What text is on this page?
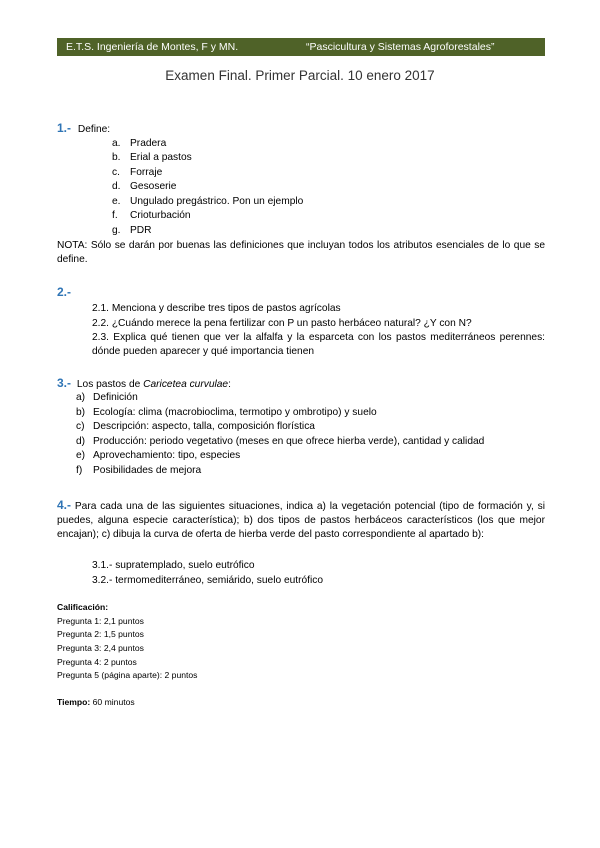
E.T.S. Ingeniería de Montes, F y MN.	“Pascicultura y Sistemas Agroforestales”
Examen Final. Primer Parcial. 10 enero 2017
1.- Define:
a. Pradera
b. Erial a pastos
c. Forraje
d. Gesoserie
e. Ungulado pregástrico. Pon un ejemplo
f. Crioturbación
g. PDR
NOTA: Sólo se darán por buenas las definiciones que incluyan todos los atributos esenciales de lo que se define.
2.-
2.1. Menciona y describe tres tipos de pastos agrícolas
2.2. ¿Cuándo merece la pena fertilizar con P un pasto herbáceo natural? ¿Y con N?
2.3. Explica qué tienen que ver la alfalfa y la esparceta con los pastos mediterráneos perennes: dónde pueden aparecer y qué importancia tienen
3.- Los pastos de Caricetea curvulae:
a) Definición
b) Ecología: clima (macrobioclima, termotipo y ombrotipo) y suelo
c) Descripción: aspecto, talla, composición florística
d) Producción: periodo vegetativo (meses en que ofrece hierba verde), cantidad y calidad
e) Aprovechamiento: tipo, especies
f) Posibilidades de mejora
4.- Para cada una de las siguientes situaciones, indica a) la vegetación potencial (tipo de formación y, si puedes, alguna especie característica); b) dos tipos de pastos herbáceos característicos (los que mejor encajan); c) dibuja la curva de oferta de hierba verde del pasto correspondiente al apartado b):
3.1.- supratemplado, suelo eutrófico
3.2.- termomediterráneo, semiárido, suelo eutrófico
Calificación:
Pregunta 1: 2,1 puntos
Pregunta 2: 1,5 puntos
Pregunta 3: 2,4 puntos
Pregunta 4: 2 puntos
Pregunta 5 (página aparte): 2 puntos
Tiempo: 60 minutos
